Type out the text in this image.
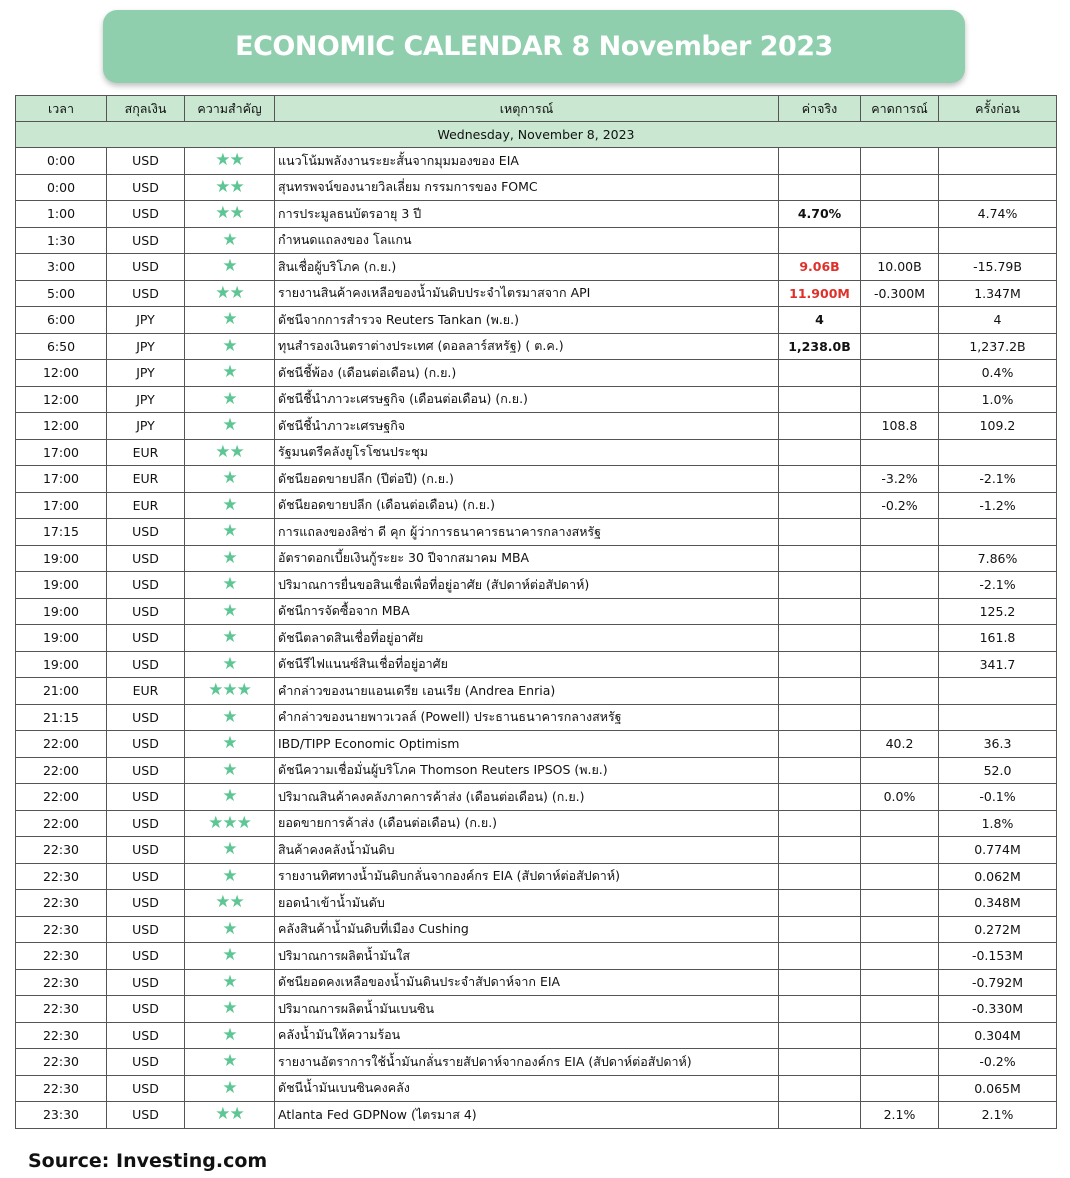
ECONOMIC CALENDAR 8 November 2023
เวลา	สกุลเงิน	ความสำคัญ	เหตุการณ์	ค่าจริง	คาดการณ์	ครั้งก่อน
Wednesday, November 8, 2023						
0:00	USD	★★	แนวโน้มพลังงานระยะสั้นจากมุมมองของ EIA			
0:00	USD	★★	สุนทรพจน์ของนายวิลเลี่ยม กรรมการของ FOMC			
1:00	USD	★★	การประมูลธนบัตรอายุ 3 ปี	4.70%		4.74%
1:30	USD	★	กำหนดแถลงของ โลแกน			
3:00	USD	★	สินเชื่อผู้บริโภค (ก.ย.)	9.06B	10.00B	-15.79B
5:00	USD	★★	รายงานสินค้าคงเหลือของน้ำมันดิบประจำไตรมาสจาก API	11.900M	-0.300M	1.347M
6:00	JPY	★	ดัชนีจากการสำรวจ Reuters Tankan (พ.ย.)	4		4
6:50	JPY	★	ทุนสำรองเงินตราต่างประเทศ (ดอลลาร์สหรัฐ) ( ต.ค.)	1,238.0B		1,237.2B
12:00	JPY	★	ดัชนีชี้พ้อง (เดือนต่อเดือน) (ก.ย.)			0.4%
12:00	JPY	★	ดัชนีชี้นำภาวะเศรษฐกิจ (เดือนต่อเดือน) (ก.ย.)			1.0%
12:00	JPY	★	ดัชนีชี้นำภาวะเศรษฐกิจ		108.8	109.2
17:00	EUR	★★	รัฐมนตรีคลังยูโรโซนประชุม			
17:00	EUR	★	ดัชนียอดขายปลีก (ปีต่อปี) (ก.ย.)		-3.2%	-2.1%
17:00	EUR	★	ดัชนียอดขายปลีก (เดือนต่อเดือน) (ก.ย.)		-0.2%	-1.2%
17:15	USD	★	การแถลงของลิซ่า ดี คุก ผู้ว่าการธนาคารธนาคารกลางสหรัฐ			
19:00	USD	★	อัตราดอกเบี้ยเงินกู้ระยะ 30 ปีจากสมาคม MBA			7.86%
19:00	USD	★	ปริมาณการยื่นขอสินเชื่อเพื่อที่อยู่อาศัย (สัปดาห์ต่อสัปดาห์)			-2.1%
19:00	USD	★	ดัชนีการจัดซื้อจาก MBA			125.2
19:00	USD	★	ดัชนีตลาดสินเชื่อที่อยู่อาศัย			161.8
19:00	USD	★	ดัชนีรีไฟแนนซ์สินเชื่อที่อยู่อาศัย			341.7
21:00	EUR	★★★	คำกล่าวของนายแอนเดรีย เอนเรีย (Andrea Enria)			
21:15	USD	★	คำกล่าวของนายพาวเวลล์ (Powell) ประธานธนาคารกลางสหรัฐ			
22:00	USD	★	IBD/TIPP Economic Optimism		40.2	36.3
22:00	USD	★	ดัชนีความเชื่อมั่นผู้บริโภค Thomson Reuters IPSOS (พ.ย.)			52.0
22:00	USD	★	ปริมาณสินค้าคงคลังภาคการค้าส่ง (เดือนต่อเดือน) (ก.ย.)		0.0%	-0.1%
22:00	USD	★★★	ยอดขายการค้าส่ง (เดือนต่อเดือน) (ก.ย.)			1.8%
22:30	USD	★	สินค้าคงคลังน้ำมันดิบ			0.774M
22:30	USD	★	รายงานทิศทางน้ำมันดิบกลั่นจากองค์กร EIA (สัปดาห์ต่อสัปดาห์)			0.062M
22:30	USD	★★	ยอดนำเข้าน้ำมันดับ			0.348M
22:30	USD	★	คลังสินค้าน้ำมันดิบที่เมือง Cushing			0.272M
22:30	USD	★	ปริมาณการผลิตน้ำมันใส			-0.153M
22:30	USD	★	ดัชนียอดคงเหลือของน้ำมันดินประจำสัปดาห์จาก EIA			-0.792M
22:30	USD	★	ปริมาณการผลิตน้ำมันเบนซิน			-0.330M
22:30	USD	★	คลังน้ำมันให้ความร้อน			0.304M
22:30	USD	★	รายงานอัตราการใช้น้ำมันกลั่นรายสัปดาห์จากองค์กร EIA (สัปดาห์ต่อสัปดาห์)			-0.2%
22:30	USD	★	ดัชนีน้ำมันเบนซินคงคลัง			0.065M
23:30	USD	★★	Atlanta Fed GDPNow (ไตรมาส 4)		2.1%	2.1%
Source: Investing.com
